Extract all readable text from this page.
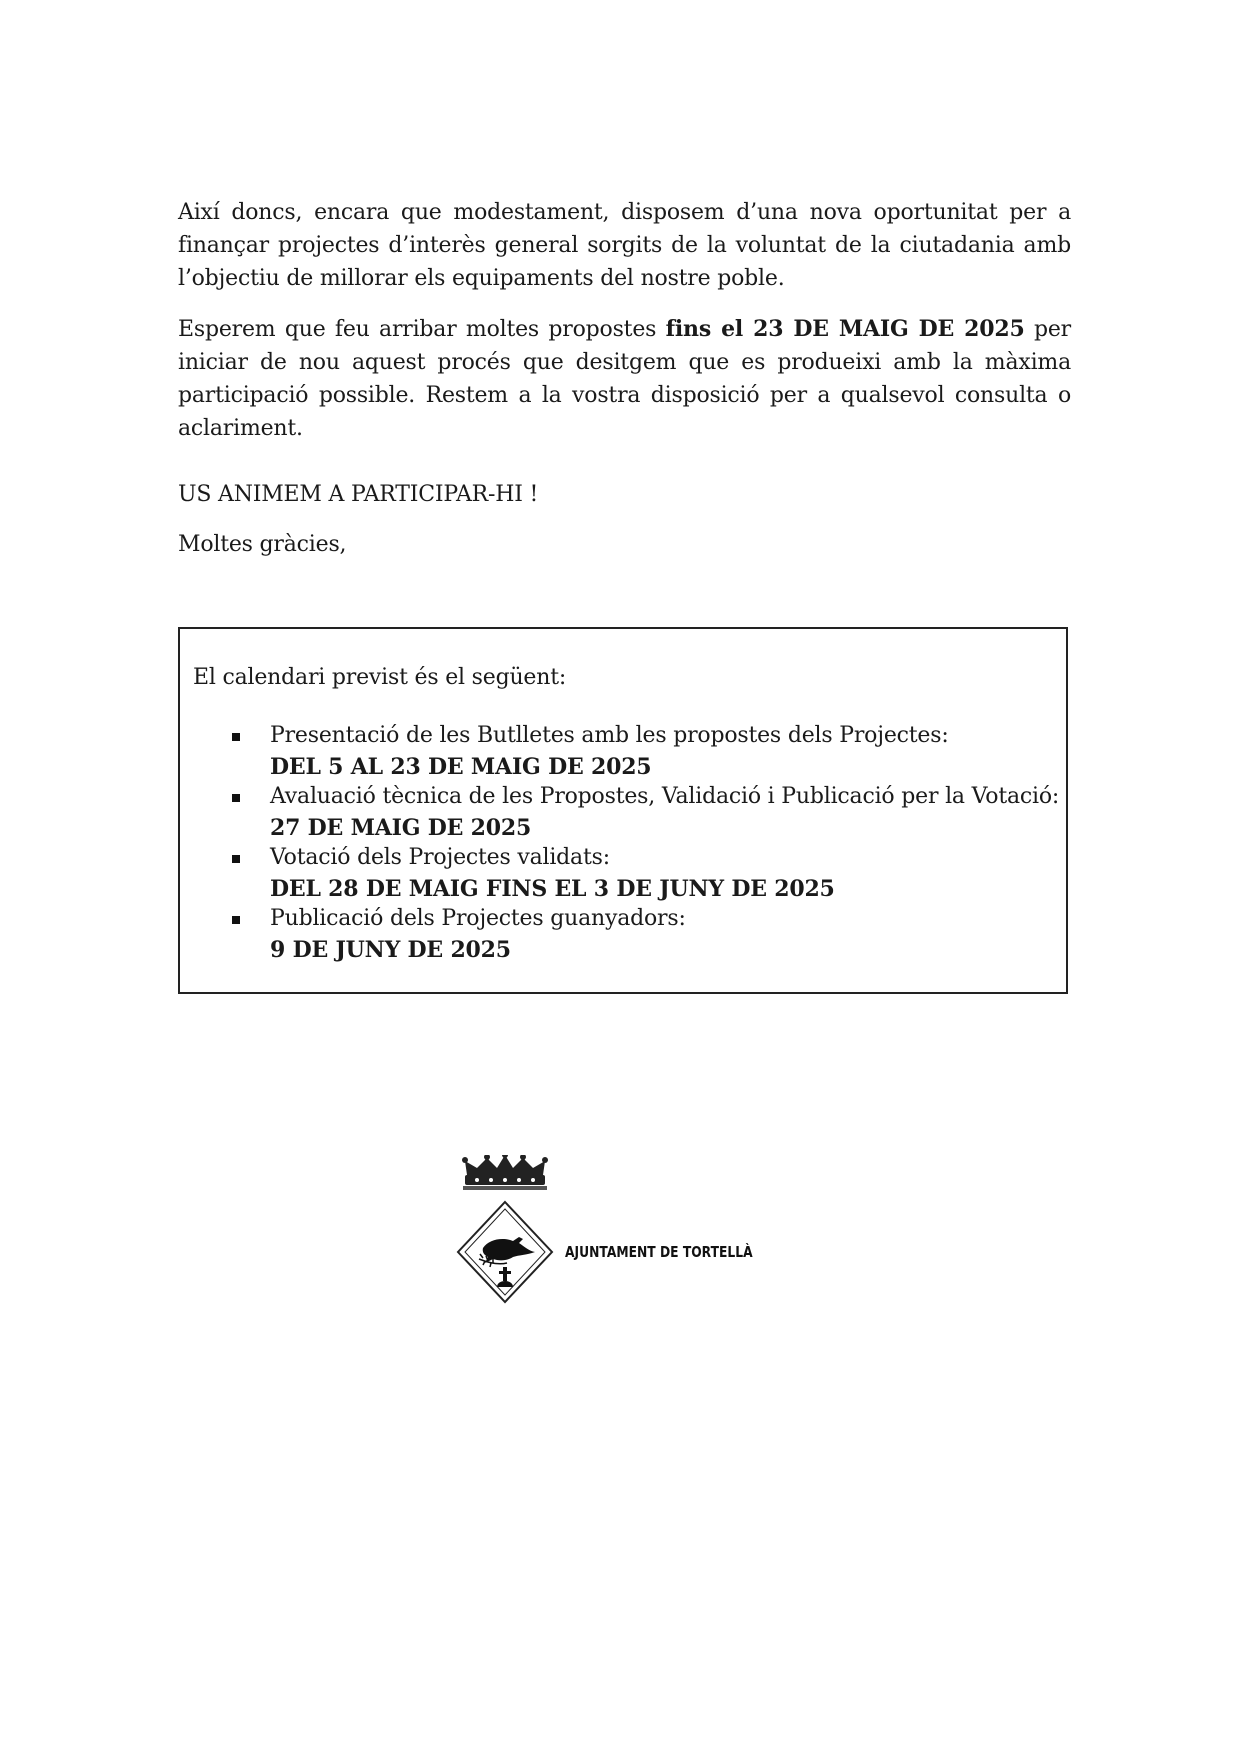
Així doncs, encara que modestament, disposem d’una nova oportunitat per a finançar projectes d’interès general sorgits de la voluntat de la ciutadania amb l’objectiu de millorar els equipaments del nostre poble.

Esperem que feu arribar moltes propostes fins el 23 DE MAIG DE 2025 per iniciar de nou aquest procés que desitgem que es produeixi amb la màxima participació possible. Restem a la vostra disposició per a qualsevol consulta o aclariment.

US ANIMEM A PARTICIPAR-HI !

Moltes gràcies,

El calendari previst és el següent:
Presentació de les Butlletes amb les propostes dels Projectes:
DEL 5 AL 23 DE MAIG DE 2025
Avaluació tècnica de les Propostes, Validació i Publicació per la Votació:
27 DE MAIG DE 2025
Votació dels Projectes validats:
DEL 28 DE MAIG FINS EL 3 DE JUNY DE 2025
Publicació dels Projectes guanyadors:
9 DE JUNY DE 2025
AJUNTAMENT DE TORTELLÀ
